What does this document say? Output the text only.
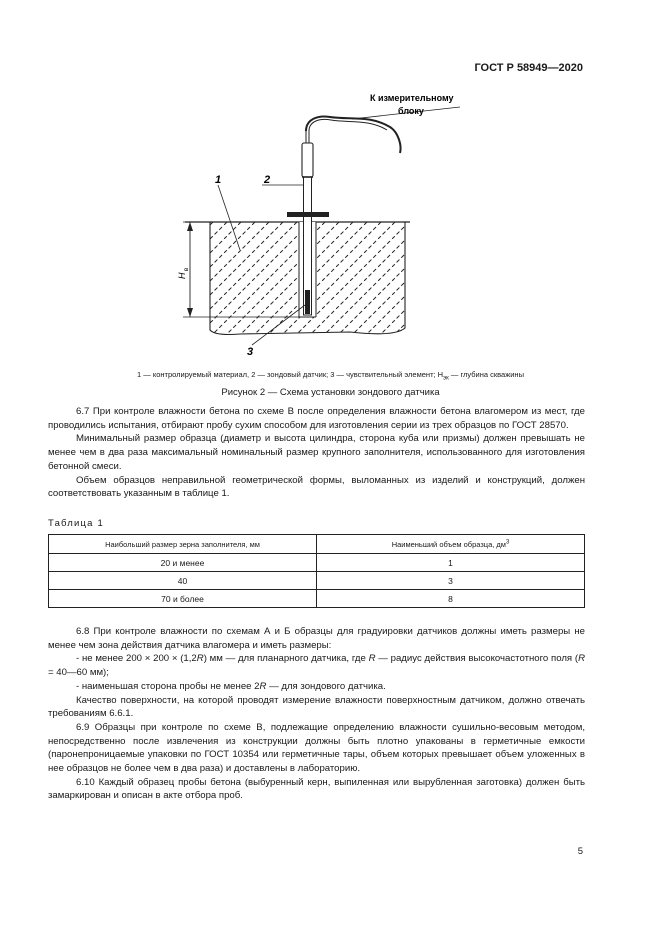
ГОСТ Р 58949—2020
К измерительному
блоку
H
в
1	2
3
1 — контролируемый материал, 2 — зондовый датчик; 3 — чувствительный элемент; $H_{эк}$ — глубина скважины
Рисунок 2 — Схема установки зондового датчика

6.7 При контроле влажности бетона по схеме В после определения влажности бетона влагомером из мест, где проводились испытания, отбирают пробу сухим способом для изготовления серии из трех образцов по ГОСТ 28570.

Минимальный размер образца (диаметр и высота цилиндра, сторона куба или призмы) должен превышать не менее чем в два раза максимальный номинальный размер крупного заполнителя, использованного для изготовления бетонной смеси.

Объем образцов неправильной геометрической формы, выломанных из изделий и конструкций, должен соответствовать указанным в таблице 1.

Таблица 1
Наибольший размер зерна заполнителя, мм	Наименьший объем образца, $дм^3$
20 и менее	1
40	3
70 и более	8

6.8 При контроле влажности по схемам А и Б образцы для градуировки датчиков должны иметь размеры не менее чем зона действия датчика влагомера и иметь размеры:

- не менее 200 × 200 × (1,2R) мм — для планарного датчика, где R — радиус действия высокочастотного поля (R = 40—60 мм);

- наименьшая сторона пробы не менее 2R — для зондового датчика.

Качество поверхности, на которой проводят измерение влажности поверхностным датчиком, должно отвечать требованиям 6.6.1.

6.9 Образцы при контроле по схеме В, подлежащие определению влажности сушильно-весовым методом, непосредственно после извлечения из конструкции должны быть плотно упакованы в герметичные емкости (паронепроницаемые упаковки по ГОСТ 10354 или герметичные тары, объем которых превышает объем уложенных в нее образцов не более чем в два раза) и доставлены в лабораторию.

6.10 Каждый образец пробы бетона (выбуренный керн, выпиленная или вырубленная заготовка) должен быть замаркирован и описан в акте отбора проб.

5
